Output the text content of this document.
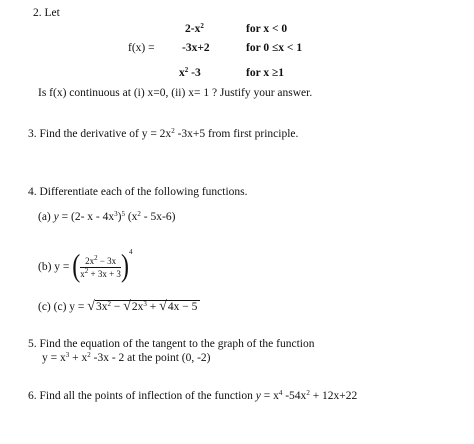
2. Let
$2-x^2$	for x < 0
f(x) = -3x+2	for 0 ≤x < 1
$x^2$ -3	for x ≥1
Is f(x) continuous at (i) x=0, (ii) x= 1 ? Justify your answer.
3. Find the derivative of $y = 2x^2$ -3x+5 from first principle.
4. Differentiate each of the following functions.
(a) y = (2- x - $4x^3)^5$ $(x^2 - 5x-6)$
(b) y = ( $\frac{2x^2 - 3x}{x^2 + 3x + 3} )^4$
(c) (c) $y = √3x^2 - √2x^3 + √4x - 5$
5. Find the equation of the tangent to the graph of the function
$y = x^3 + x^2$ -3x - 2 at the point (0, -2)
6. Find all the points of inflection of the function $y = x^4$ $-54x^2 + 12x+22$
